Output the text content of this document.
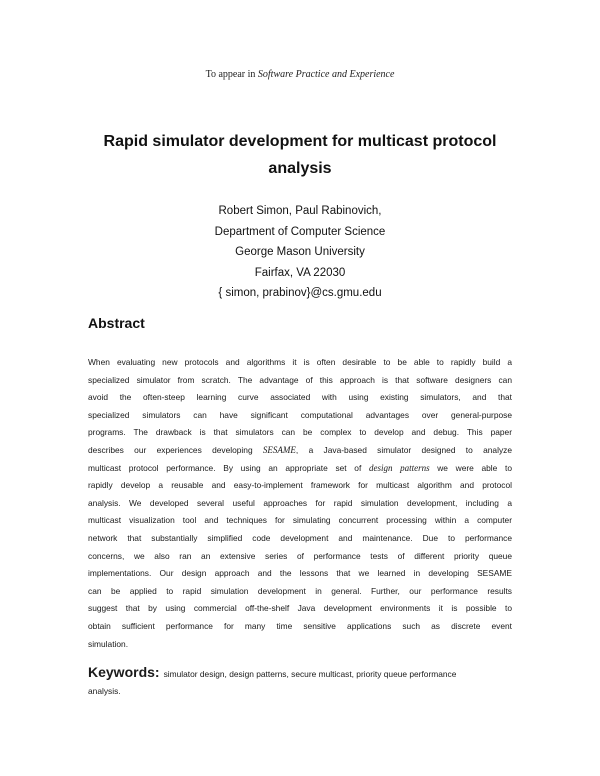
To appear in Software Practice and Experience
Rapid simulator development for multicast protocol
analysis
Robert Simon, Paul Rabinovich,
Department of Computer Science
George Mason University
Fairfax, VA 22030
{ simon, prabinov}@cs.gmu.edu
Abstract
When evaluating new protocols and algorithms it is often desirable to be able to rapidly build a
specialized simulator from scratch. The advantage of this approach is that software designers can
avoid the often-steep learning curve associated with using existing simulators, and that
specialized simulators can have significant computational advantages over general-purpose
programs. The drawback is that simulators can be complex to develop and debug. This paper
describes our experiences developing SESAME, a Java-based simulator designed to analyze
multicast protocol performance. By using an appropriate set of design patterns we were able to
rapidly develop a reusable and easy-to-implement framework for multicast algorithm and protocol
analysis. We developed several useful approaches for rapid simulation development, including a
multicast visualization tool and techniques for simulating concurrent processing within a computer
network that substantially simplified code development and maintenance. Due to performance
concerns, we also ran an extensive series of performance tests of different priority queue
implementations. Our design approach and the lessons that we learned in developing SESAME
can be applied to rapid simulation development in general. Further, our performance results
suggest that by using commercial off-the-shelf Java development environments it is possible to
obtain sufficient performance for many time sensitive applications such as discrete event
simulation.
Keywords: simulator design, design patterns, secure multicast, priority queue performance
analysis.
